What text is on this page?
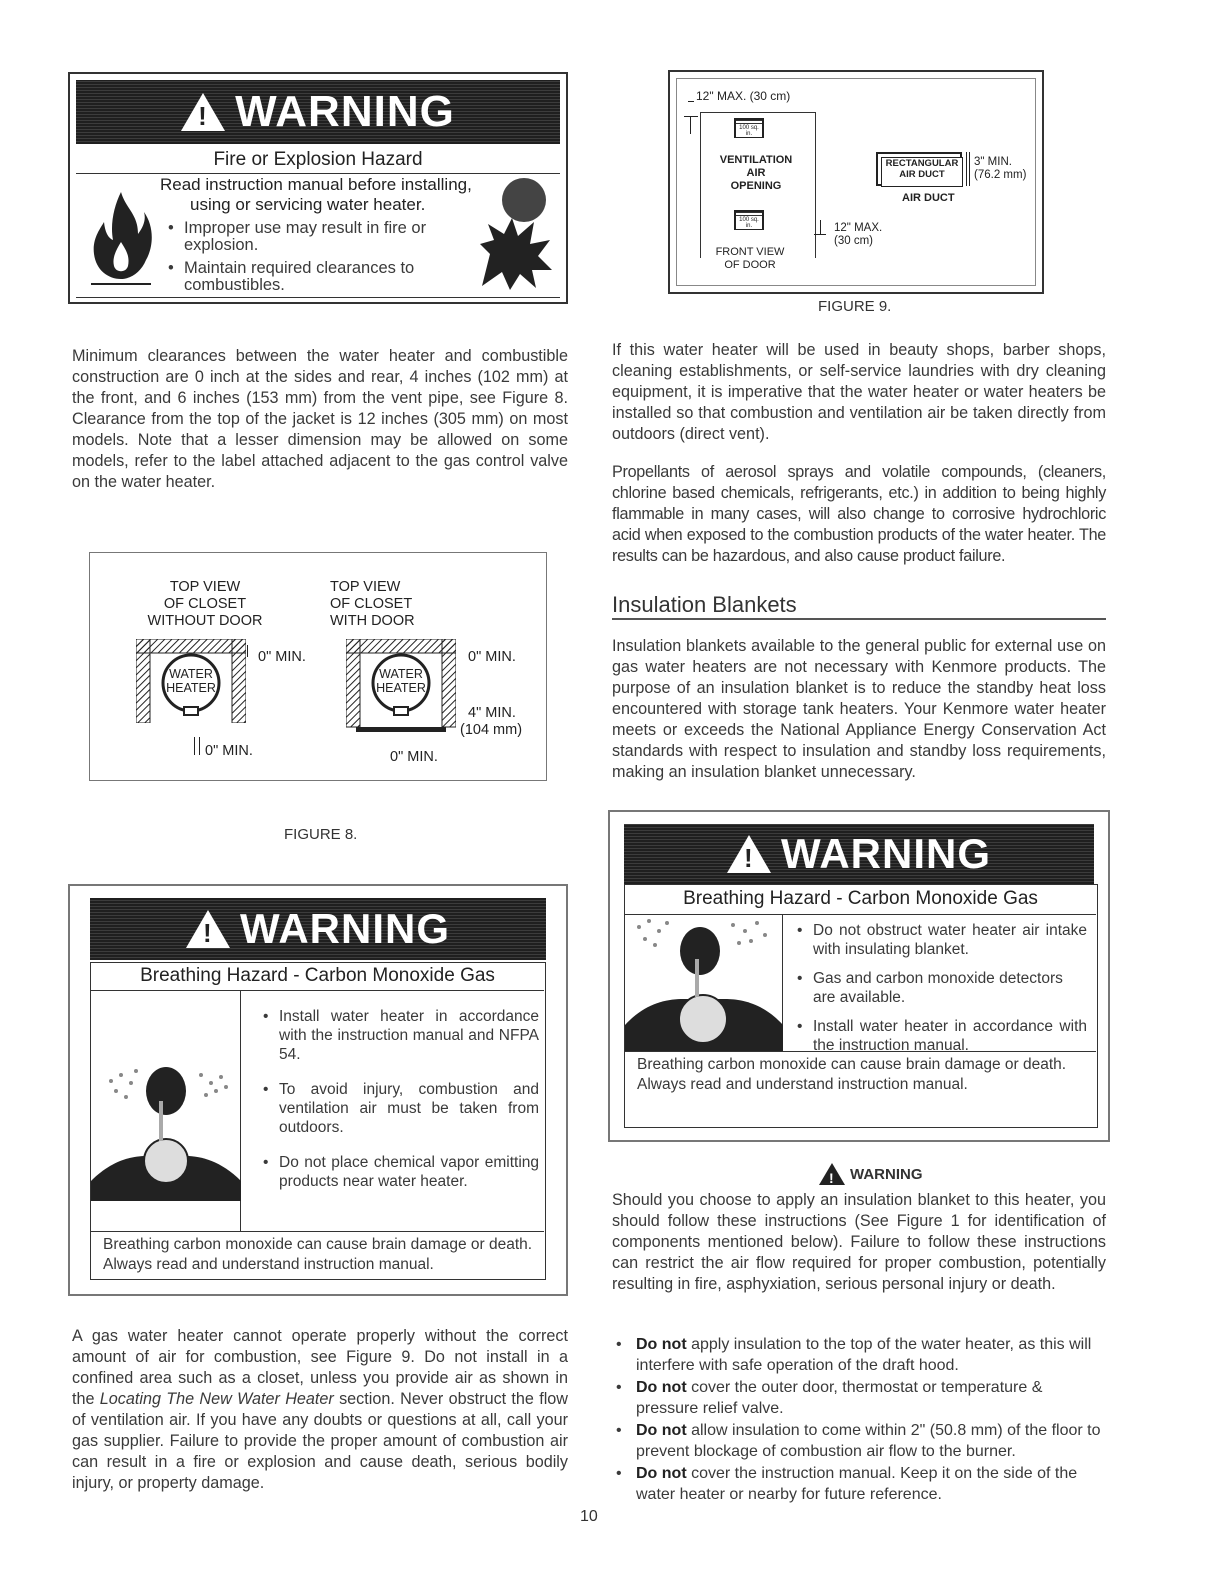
!
WARNING
Fire or Explosion Hazard
Read instruction manual before installing,
using or servicing water heater.
• Improper use may result in fire or explosion.
• Maintain required clearances to combustibles.

Minimum clearances between the water heater and combustible construction are 0 inch at the sides and rear, 4 inches (102 mm) at the front, and 6 inches (153 mm) from the vent pipe, see Figure 8. Clearance from the top of the jacket is 12 inches (305 mm) on most models. Note that a lesser dimension may be allowed on some models, refer to the label attached adjacent to the gas control valve on the water heater.

TOP VIEW
OF CLOSET
WITHOUT DOOR
TOP VIEW
OF CLOSET
WITH DOOR
WATER
HEATER
0" MIN.
0" MIN.
WATER
HEATER
0" MIN.
4" MIN.
(104 mm)
0" MIN.
FIGURE 8.
!
WARNING
Breathing Hazard - Carbon Monoxide Gas
• Install water heater in accordance with the instruction manual and NFPA 54.
• To avoid injury, combustion and ventilation air must be taken from outdoors.
• Do not place chemical vapor emitting products near water heater.
Breathing carbon monoxide can cause brain damage or death. Always read and understand instruction manual.

A gas water heater cannot operate properly without the correct amount of air for combustion, see Figure 9. Do not install in a confined area such as a closet, unless you provide air as shown in the Locating The New Water Heater section. Never obstruct the flow of ventilation air. If you have any doubts or questions at all, call your gas supplier. Failure to provide the proper amount of combustion air can result in a fire or explosion and cause death, serious bodily injury, or property damage.

12" MAX. (30 cm)
100 sq. in.
VENTILATION
AIR
OPENING
100 sq. in.	12" MAX.
(30 cm)
FRONT VIEW
OF DOOR
RECTANGULAR
AIR DUCT
3" MIN.
(76.2 mm)
AIR DUCT
FIGURE 9.

If this water heater will be used in beauty shops, barber shops, cleaning establishments, or self-service laundries with dry cleaning equipment, it is imperative that the water heater or water heaters be installed so that combustion and ventilation air be taken directly from outdoors (direct vent).

Propellants of aerosol sprays and volatile compounds, (cleaners, chlorine based chemicals, refrigerants, etc.) in addition to being highly flammable in many cases, will also change to corrosive hydrochloric acid when exposed to the combustion products of the water heater. The results can be hazardous, and also cause product failure.

Insulation Blankets

Insulation blankets available to the general public for external use on gas water heaters are not necessary with Kenmore products. The purpose of an insulation blanket is to reduce the standby heat loss encountered with storage tank heaters. Your Kenmore water heater meets or exceeds the National Appliance Energy Conservation Act standards with respect to insulation and standby loss requirements, making an insulation blanket unnecessary.

!
WARNING
Breathing Hazard - Carbon Monoxide Gas
• Do not obstruct water heater air intake with insulating blanket.
• Gas and carbon monoxide detectors are available.
• Install water heater in accordance with the instruction manual.
Breathing carbon monoxide can cause brain damage or death. Always read and understand instruction manual.
! WARNING

Should you choose to apply an insulation blanket to this heater, you should follow these instructions (See Figure 1 for identification of components mentioned below). Failure to follow these instructions can restrict the air flow required for proper combustion, potentially resulting in fire, asphyxiation, serious personal injury or death.

• Do not apply insulation to the top of the water heater, as this will interfere with safe operation of the draft hood.
• Do not cover the outer door, thermostat or temperature & pressure relief valve.
• Do not allow insulation to come within 2" (50.8 mm) of the floor to prevent blockage of combustion air flow to the burner.
• Do not cover the instruction manual. Keep it on the side of the water heater or nearby for future reference.
10
